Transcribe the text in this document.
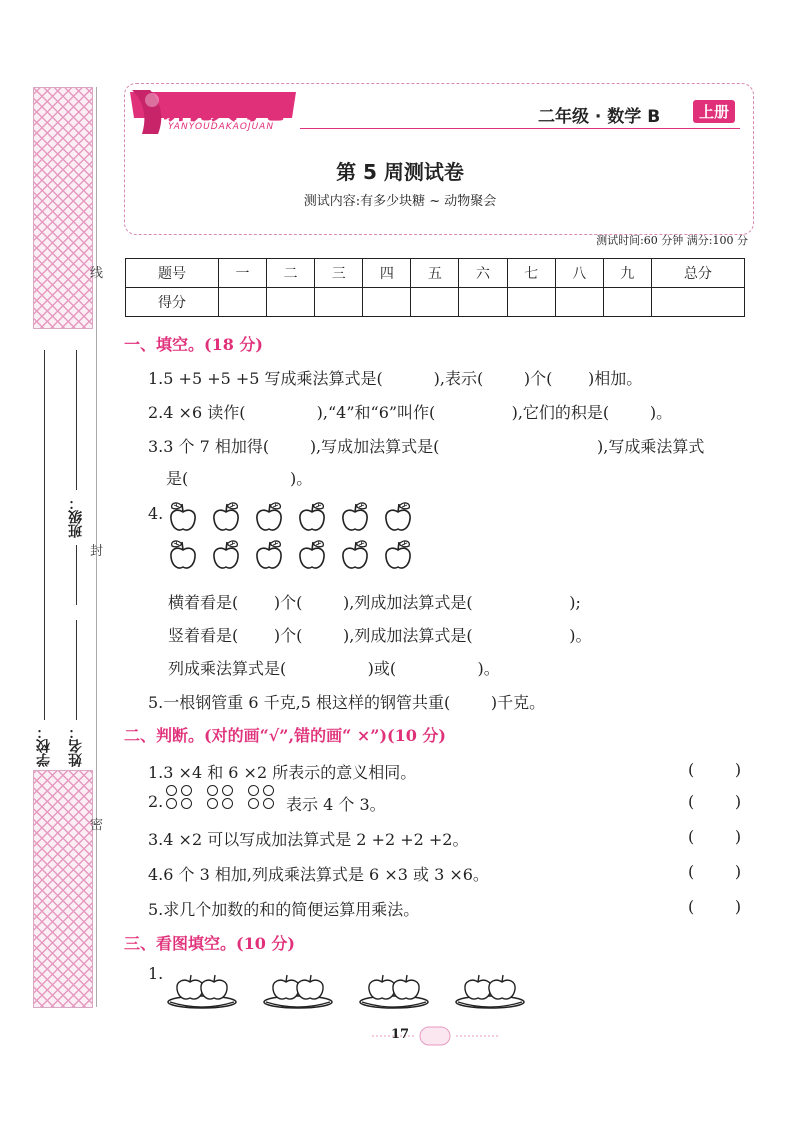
线
封
密
班级：
学校： 姓名：
研优大考卷
YANYOUDAKAOJUAN	二年级 · 数学 B	上册
第 5 周测试卷
测试内容:有多少块糖 ~ 动物聚会
测试时间:60 分钟 满分:100 分
题号	一	二	三	四	五	六	七	八	九	总分
得分										
一、填空。(18 分)
1.5 +5 +5 +5 写成乘法算式是(          ),表示(        )个(       )相加。
2.4 ×6 读作(              ),“4”和“6”叫作(               ),它们的积是(        )。
3.3 个 7 相加得(        ),写成加法算式是(                               ),写成乘法算式
是(                    )。
4.
横着看是(       )个(        ),列成加法算式是(                   );
竖着看是(       )个(        ),列成加法算式是(                   )。
列成乘法算式是(                )或(                )。
5.一根钢管重 6 千克,5 根这样的钢管共重(        )千克。
二、判断。(对的画“√”,错的画“ ×”)(10 分)
1.3 ×4 和 6 ×2 所表示的意义相同。	(        )
2.	表示 4 个 3。	(        )
3.4 ×2 可以写成加法算式是 2 +2 +2 +2。	(        )
4.6 个 3 相加,列成乘法算式是 6 ×3 或 3 ×6。	(        )
5.求几个加数的和的简便运算用乘法。	(        )
三、看图填空。(10 分)
1.
17
